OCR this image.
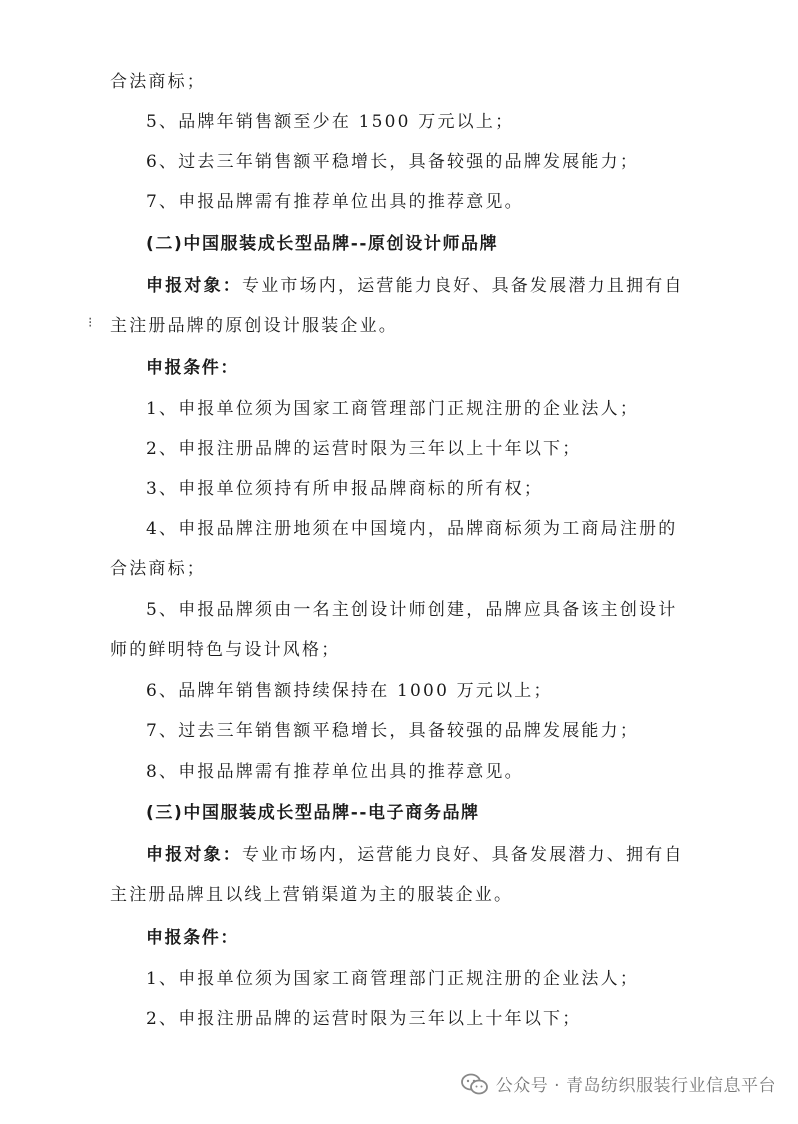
合法商标；
5、品牌年销售额至少在 1500 万元以上；
6、过去三年销售额平稳增长，具备较强的品牌发展能力；
7、申报品牌需有推荐单位出具的推荐意见。
(二)中国服装成长型品牌--原创设计师品牌
申报对象：专业市场内，运营能力良好、具备发展潜力且拥有自
主注册品牌的原创设计服装企业。
⁝
申报条件：
1、申报单位须为国家工商管理部门正规注册的企业法人；
2、申报注册品牌的运营时限为三年以上十年以下；
3、申报单位须持有所申报品牌商标的所有权；
4、申报品牌注册地须在中国境内，品牌商标须为工商局注册的
合法商标；
5、申报品牌须由一名主创设计师创建，品牌应具备该主创设计
师的鲜明特色与设计风格；
6、品牌年销售额持续保持在 1000 万元以上；
7、过去三年销售额平稳增长，具备较强的品牌发展能力；
8、申报品牌需有推荐单位出具的推荐意见。
(三)中国服装成长型品牌--电子商务品牌
申报对象：专业市场内，运营能力良好、具备发展潜力、拥有自
主注册品牌且以线上营销渠道为主的服装企业。
申报条件：
1、申报单位须为国家工商管理部门正规注册的企业法人；
2、申报注册品牌的运营时限为三年以上十年以下；
公众号 · 青岛纺织服装行业信息平台
